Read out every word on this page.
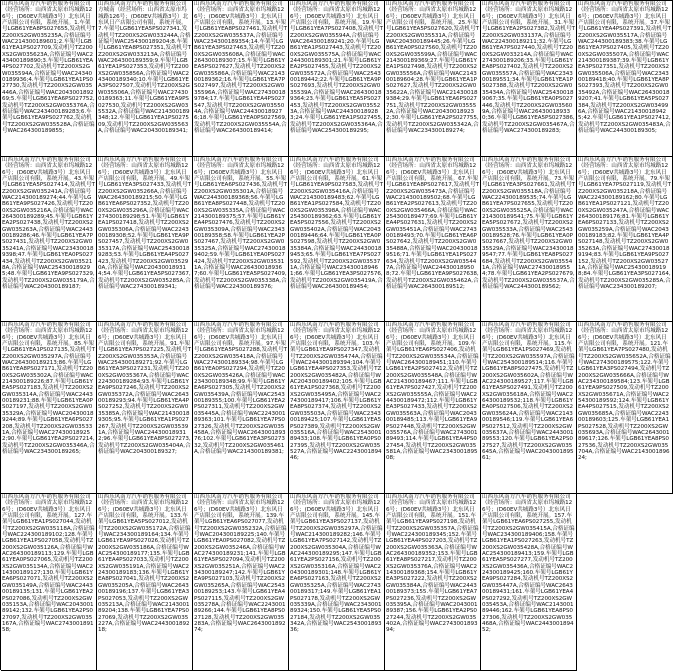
山西乐风南方汽车销售服务有限公司（经营场所：山西省太原市坞城路126号；(D60EV共城路3号）北东风日产店限公司有限，系统开展。1.车架号LGB61YEA8PS027655,发动机号TZ200XS2GW035235A,合格证编号WAC214300189601;2.车架号LGB61YEA1PS027709,发动机号TZ200XS2GW035623A,合格证编号WAC243400189890;3.车架号LGB61YEA4PS027702,发动机号TZ200XS2GW035594A,合格证编号WAC243400189936;4.车架号LGB61YEA1PS027730,发动机号TZ200XS2GW035446A,合格证编号WAC204300189269;5.车架号LGB61YEA6PS027752,发动机号TZ200XS2GW035376A,合格证编号WAC243400189283;6.车架号LGB61YEA9PS027762,发动机号TZ200XS2GW035528A,合格证编号WAC264300189855;

山西乐风南方汽车销售服务有限公司方城南（经营场所：山西省太原市坞城路126号；(D60EV共城路3号）北东风日产店限公司有限，系统开展。7.车架号LGB61YEA5PS027341,发动机号TZ200XS2GW033244A,合格证编号WAC254300189204;8.车架号LGB61YEA8PS027351,发动机号TZ200XS2GW033213A,合格证编号WAC264300189359;9.车架号LGB61YEA1PS027353,发动机号TZ200XS2GW035856A,合格证编号WAC243400189340;10.车架号LGB61YEA3PS027507,发动机号TZ200XS2GW035506A,合格证编号WAC274300189363;11.车架号LGB61YEA9PS027530,发动机号TZ200XS2GW035532A,合格证编号WAC214300189348;12.车架号LGB61YEA1PS027509,发动机号TZ200XS2GW035563A,合格证编号WAC204300189341;

山西乐风南方汽车销售服务有限公司（经营场所：山西省太原市坞城路126号；(D60EV共城路3号）北东风日产店限公司有限，系统开展。13.车架号LGB61YEA8PS027461,发动机号TZ200XS2GW035537A,合格证编号WAC234300189354;14.车架号LGB61YEA3PS027463,发动机号TZ200XS2GW035608A,合格证编号WAC264300189307;15.车架号LGB61YEA5PS027627,发动机号TZ200XS2GW035586A,合格证编号WAC214300189362;16.车架号LGB61YEA7PS027497,发动机号TZ200XS2GW035596A,合格证编号WAC274300189784;17.车架号LGB61YEA4PS027547,发动机号TZ200XS2GW035504A,合格证编号WAC244300189276;18.车架号LGB61YEA0PS027569,发动机号TZ200XS2GW035554A,合格证编号WAC264300189414;

山西乐风南方汽车销售服务有限公司（经营场所：山西省太原市坞城路126号；(D60EV共城路3号）北东风日产店限公司有限，系统开展。19.车架号LGB61YEA7PS027408,发动机号TZ200XS2GW035594A,合格证编号WAC264300189241;20.车架号LGB61YEA1PS027443,发动机号TZ200XS2GW035575A,合格证编号WAC244300189301;21.车架号LGB61YEA2PS027455,发动机号TZ200XS2GW035572A,合格证编号WAC254300189442;22.车架号LGB61YEA9PS027693,发动机号TZ200XS2GW035539A,合格证编号WAC264300189364;23.车架号LGB61YEA5PS027453,发动机号TZ200XS2GW035523A,合格证编号WAC244300189283;24.车架号LGB61YEA1PS027455,发动机号TZ200XS2GW035364A,合格证编号WAC254300189295;

山西乐风南方汽车销售服务有限公司（经营场所：山西省太原市坞城路126号；(D60EV共城路3号）北东风日产店限公司有限，系统开展。25.车架号LGB61YEA5PS027620,发动机号TZ200XS2GW035531A,合格证编号WAC204300189445;26.车架号LGB61YEA0PS027560,发动机号TZ200XS2GW035599A,合格证编号WAC214300189369;27.车架号LGB61YEA1PS027498,发动机号TZ200XS2GW035556A,合格证编号WAC214300189604;28.车架号LGB61YEA1PS027627,发动机号TZ200XS2GW035622A,合格证编号WAC214300189384;29.车架号LGB61YEA6PS027751,发动机号TZ200XS2GW035552A,合格证编号WAC204300189232;30.车架号LGB61YEA2PS027755,发动机号TZ200XS2GW035342A,合格证编号WAC234300189274;

山西乐风南方汽车销售服务有限公司（经营场所：山西省太原市坞城路126号；(D60EV共城路3号）北东风日产店限公司有限，系统开展。31.车架号LGB61YEA2PS027382,发动机号TZ200XS2GW033137A,合格证编号WAC224300189211;32.车架号LGB61YEA7PS027440,发动机号TZ200XS2GW033214A,合格证编号WAC274300189206;33.车架号LGB61YEA8PS027402,发动机号TZ200XS2GW035557A,合格证编号WAC234300189551;34.车架号LGB61YEA1PS027388,发动机号TZ200XS2GW035434A,合格证编号WAC254300189067;35.车架号LGB61YEA0PS027446,发动机号TZ200XS2GW035609A,合格证编号WAC264300189330;36.车架号LGB61YEA5PS027386,发动机号TZ200XS2GW035467A,合格证编号WAC274300189283;

山西乐风南方汽车销售服务有限公司（经营场所：山西省太原市坞城路126号；(D60EV共城路3号）北东风日产店限公司有限，系统开展。37.车架号LGB61YEA4PS027391,发动机号TZ200XS2GW035517A,合格证编号WAC244300189383;38.车架号LGB61YEA7PS027405,发动机号TZ200XS2GW035507A,合格证编号WAC214300189387;39.车架号LGB61YEA3PS027351,发动机号TZ200XS2GW035506A,合格证编号WAC234300189418;40.车架号LGB61YEA8PS027393,发动机号TZ200XS2GW035492A,合格证编号WAC264300189207;41.车架号LGB61YEA5PS027384,发动机号TZ200XS2GW034996A,合格证编号WAC214300189425;42.车架号LGB61YEA1PS027412,发动机号TZ200XS2GW035483A,合格证编号WAC244300189305;

山西乐风南方汽车销售服务有限公司（经营场所：山西省太原市坞城路126号；(D60EV共城路3号）北东风日产店限公司有限，系统开展。43.车架号LGB61YEA5PS027414,发动机号TZ200XS2GW035241A,合格证编号WAC214300189274;44.车架号LGB61YEA9PS027426,发动机号TZ200XS2GW035216A,合格证编号WAC264300189289;45.车架号LGB61YEA2PS027438,发动机号TZ200XS2GW035263A,合格证编号WAC244300189286;46.车架号LGB61YEA7PS027431,发动机号TZ200XS2GW035241A,合格证编号WAC234300189398;47.车架号LGB61YEA0PS027434,发动机号TZ200XS2GW035218A,合格证编号WAC254300189295;48.车架号LGB61YEA9PS027329,发动机号TZ200XS2GW035179A,合格证编号WAC204300189187;

山西乐风南方汽车销售服务有限公司（经营场所：山西省太原市坞城路126号；(D60EV共城路3号）北东风日产店限公司有限，系统开展。49.车架号LGB61YEA3PS027433,发动机号TZ200XS2GW035266A,合格证编号WAC264300189215;50.车架号LGB61YEA6PS027352,发动机号TZ200XS2GW035296A,合格证编号WAC274300189298;51.车架号LGB61YEA1PS027418,发动机号TZ200XS2GW035306A,合格证编号WAC224300189308;52.车架号LGB61YEA9PS027457,发动机号TZ200XS2GW035317A,合格证编号WAC254300189283;53.车架号LGB61YEA4PS027423,发动机号TZ200XS2GW035290A,合格证编号WAC204300189314;54.车架号LGB61YEA5PS027367,发动机号TZ200XS2GW035285A,合格证编号WAC274300189341;

山西乐风南方汽车销售服务有限公司（经营场所：山西省太原市坞城路126号；(D60EV共城路3号）北东风日产店限公司有限，系统开展。55.车架号LGB61YEA6PS027436,发动机号TZ200XS2GW035301A,合格证编号WAC244300189368;56.车架号LGB61YEA8PS027448,发动机号TZ200XS2GW035335A,合格证编号WAC214300189375;57.车架号LGB61YEA4PS027476,发动机号TZ200XS2GW035309A,合格证编号WAC234300189358;58.车架号LGB61YEA2PS027467,发动机号TZ200XS2GW035325A,合格证编号WAC274300189402;59.车架号LGB61YEA0PS027424,发动机号TZ200XS2GW035311A,合格证编号WAC264300189367;60.车架号LGB61YEA5PS027409,发动机号TZ200XS2GW035338A,合格证编号WAC224300189376;

山西乐风南方汽车销售服务有限公司（经营场所：山西省太原市坞城路126号；(D60EV共城路3号）北东风日产店限公司有限，系统开展。61.车架号LGB61YEA9PS027583,发动机号TZ200XS2GW035416A,合格证编号WAC214300189483;62.车架号LGB61YEA1PS027584,发动机号TZ200XS2GW035398A,合格证编号WAC254300189362;63.车架号LGB61YEA5PS027556,发动机号TZ200XS2GW035402A,合格证编号WAC204300189446;64.车架号LGB61YEA0PS027598,发动机号TZ200XS2GW035384A,合格证编号WAC244300189453;65.车架号LGB61YEA7PS027592,发动机号TZ200XS2GW035371A,合格证编号WAC234300189461;66.车架号LGB61YEA3PS027576,发动机号TZ200XS2GW035419A,合格证编号WAC264300189454;

山西乐风南方汽车销售服务有限公司（经营场所：山西省太原市坞城路126号；(D60EV共城路3号）北东风日产店限公司有限，系统开展。67.车架号LGB61YEA8PS027617,发动机号TZ200XS2GW035473A,合格证编号WAC214300189502;68.车架号LGB61YEA2PS027613,发动机号TZ200XS2GW035466A,合格证编号WAC254300189477;69.车架号LGB61YEA4PS027631,发动机号TZ200XS2GW035451A,合格证编号WAC274300189493;70.车架号LGB61YEA6PS027642,发动机号TZ200XS2GW035488A,合格证编号WAC204300189516;71.车架号LGB61YEA1PS027634,发动机号TZ200XS2GW035447A,合格证编号WAC244300189508;72.车架号LGB61YEA9PS027638,发动机号TZ200XS2GW035462A,合格证编号WAC264300189512;

山西乐风南方汽车销售服务有限公司（经营场所：山西省太原市坞城路126号；(D60EV共城路3号）北东风日产店限公司有限，系统开展。73.车架号LGB61YEA3PS027661,发动机号TZ200XS2GW035518A,合格证编号WAC224300189535;74.车架号LGB61YEA7PS027655,发动机号TZ200XS2GW035525A,合格证编号WAC214300189541;75.车架号LGB61YEA5PS027672,发动机号TZ200XS2GW035533A,合格证编号WAC254300189528;76.车架号LGB61YEA0PS027667,发动机号TZ200XS2GW035529A,合格证编号WAC234300189547;77.车架号LGB61YEA8PS027684,发动机号TZ200XS2GW035541A,合格证编号WAC274300189554;78.车架号LGB61YEA2PS027679,发动机号TZ200XS2GW035537A,合格证编号WAC244300189562;

山西乐风南方汽车销售服务有限公司（经营场所：山西省太原市坞城路126号；(D60EV共城路3号）北东风日产店限公司有限，系统开展。79.车架号LGB61YEA7PS027119,发动机号TZ200XS2GW035218A,合格证编号WAC224300189162;80.车架号LGB61YEA1PS027121,发动机号TZ200XS2GW035247A,合格证编号WAC264300189176;81.车架号LGB61YEA6PS027133,发动机号TZ200XS2GW035259A,合格证编号WAC204300189183;82.车架号LGB61YEA4PS027148,发动机号TZ200XS2GW035263A,合格证编号WAC274300189194;83.车架号LGB61YEA9PS027152,发动机号TZ200XS2GW035271A,合格证编号WAC254300189198;84.车架号LGB61YEA3PS027164,发动机号TZ200XS2GW035285A,合格证编号WAC234300189207;

山西乐风南方汽车销售服务有限公司（经营场所：山西省太原市坞城路126号；(D60EV共城路3号）北东风日产店限公司有限，系统开展。85.车架号LGB61YEA1PS027135,发动机号TZ200XS2GW035297A,合格证编号WAC264300189213;86.车架号LGB61YEA8PS027171,发动机号TZ200XS2GW035302A,合格证编号WAC214300189226;87.车架号LGB61YEA5PS027183,发动机号TZ200XS2GW035314A,合格证编号WAC244300189231;88.车架号LGB61YEA0PS027197,发动机号TZ200XS2GW035329A,合格证编号WAC204300189244;89.车架号LGB61YEA6PS027208,发动机号TZ200XS2GW035331A,合格证编号WAC274300189252;90.车架号LGB61YEA2PS027214,发动机号TZ200XS2GW035346A,合格证编号WAC234300189265;

山西乐风南方汽车销售服务有限公司（经营场所：山西省太原市坞城路126号；(D60EV共城路3号）北东风日产店限公司有限，系统开展。91.车架号LGB61YEA7PS027225,发动机号TZ200XS2GW035353A,合格证编号WAC254300189271;92.车架号LGB61YEA3PS027231,发动机号TZ200XS2GW035367A,合格证编号WAC224300189284;93.车架号LGB61YEA9PS027246,发动机号TZ200XS2GW035372A,合格证编号WAC264300189293;94.车架号LGB61YEA4PS027252,发动机号TZ200XS2GW035385A,合格证编号WAC214300189305;95.车架号LGB61YEA1PS027267,发动机号TZ200XS2GW035391A,合格证编号WAC244300189312;96.车架号LGB61YEA8PS027273,发动机号TZ200XS2GW035404A,合格证编号WAC204300189327;

山西乐风南方汽车销售服务有限公司（经营场所：山西省太原市坞城路126号；(D60EV共城路3号）北东风日产店限公司有限，系统开展。97.车架号LGB61YEA5PS027288,发动机号TZ200XS2GW035418A,合格证编号WAC274300189334;98.车架号LGB61YEA0PS027294,发动机号TZ200XS2GW035426A,合格证编号WAC234300189348;99.车架号LGB61YEA6PS027305,发动机号TZ200XS2GW035439A,合格证编号WAC254300189355;100.车架号LGB61YEA2PS027311,发动机号TZ200XS2GW035445A,合格证编号WAC224300189363;101.车架号LGB61YEA7PS027326,发动机号TZ200XS2GW035458A,合格证编号WAC264300189376;102.车架号LGB61YEA3PS027332,发动机号TZ200XS2GW035461A,合格证编号WAC214300189381;

山西乐风南方汽车销售服务有限公司（经营场所：山西省太原市坞城路126号；(D60EV共城路3号）北东风日产店限公司有限，系统开展。103.车架号LGB61YEA9PS027347,发动机号TZ200XS2GW035474A,合格证编号WAC244300189394;104.车架号LGB61YEA4PS027353,发动机号TZ200XS2GW035482A,合格证编号WAC204300189402;105.车架号LGB61YEA1PS027368,发动机号TZ200XS2GW035495A,合格证编号WAC274300189417;106.车架号LGB61YEA8PS027374,发动机号TZ200XS2GW035503A,合格证编号WAC234300189425;107.车架号LGB61YEA5PS027389,发动机号TZ200XS2GW035516A,合格证编号WAC254300189433;108.车架号LGB61YEA0PS027395,发动机号TZ200XS2GW035527A,合格证编号WAC224300189446;

山西乐风南方汽车销售服务有限公司（经营场所：山西省太原市坞城路126号；(D60EV共城路3号）北东风日产店限公司有限，系统开展。109.车架号LGB61YEA6PS027406,发动机号TZ200XS2GW035534A,合格证编号WAC264300189451;110.车架号LGB61YEA2PS027412,发动机号TZ200XS2GW035548A,合格证编号WAC214300189467;111.车架号LGB61YEA7PS027427,发动机号TZ200XS2GW035555A,合格证编号WAC244300189472;112.车架号LGB61YEA3PS027433,发动机号TZ200XS2GW035563A,合格证编号WAC204300189485;113.车架号LGB61YEA9PS027448,发动机号TZ200XS2GW035576A,合格证编号WAC274300189493;114.车架号LGB61YEA4PS027454,发动机号TZ200XS2GW035581A,合格证编号WAC234300189508;

山西乐风南方汽车销售服务有限公司（经营场所：山西省太原市坞城路126号；(D60EV共城路3号）北东风日产店限公司有限，系统开展。115.车架号LGB61YEA1PS027469,发动机号TZ200XS2GW035597A,合格证编号WAC254300189514;116.车架号LGB61YEA8PS027475,发动机号TZ200XS2GW035602A,合格证编号WAC224300189527;117.车架号LGB61YEA5PS027491,发动机号TZ200XS2GW035618A,合格证编号WAC264300189532;118.车架号LGB61YEA0PS027506,发动机号TZ200XS2GW035624A,合格证编号WAC214300189546;119.车架号LGB61YEA6PS027512,发动机号TZ200XS2GW035637A,合格证编号WAC244300189553;120.车架号LGB61YEA2PS027527,发动机号TZ200XS2GW035645A,合格证编号WAC204300189561;

山西乐风南方汽车销售服务有限公司（经营场所：山西省太原市坞城路126号；(D60EV共城路3号）北东风日产店限公司有限，系统开展。121.车架号LGB61YEA7PS027480,发动机号TZ200XS2GW035652A,合格证编号WAC274300189575;122.车架号LGB61YEA3PS027494,发动机号TZ200XS2GW035666A,合格证编号WAC234300189584;123.车架号LGB61YEA9PS027509,发动机号TZ200XS2GW035671A,合格证编号WAC254300189592;124.车架号LGB61YEA4PS027515,发动机号TZ200XS2GW035685A,合格证编号WAC224300189603;125.车架号LGB61YEA1PS027528,发动机号TZ200XS2GW035693A,合格证编号WAC264300189617;126.车架号LGB61YEA8PS027536,发动机号TZ200XS2GW035704A,合格证编号WAC214300189624;

山西乐风南方汽车销售服务有限公司（经营场所：山西省太原市坞城路126号；(D60EV共城路3号）北东风日产店限公司有限，系统开展。127.车架号LGB61YEA1PS027044,发动机号TZ200XS2GW035118A,合格证编号WAC224300189102;128.车架号LGB61YEA1PS027058,发动机号TZ200XS2GW035126A,合格证编号WAC264300189113;129.车架号LGB61YEA0PS027065,发动机号TZ200XS2GW035134A,合格证编号WAC214300189127;130.车架号LGB61YEA6PS027071,发动机号TZ200XS2GW035149A,合格证编号WAC244300189135;131.车架号LGB61YEA2PS027086,发动机号TZ200XS2GW035153A,合格证编号WAC204300189142;132.车架号LGB61YEA2PS027097,发动机号TZ200XS2GW035167A,合格证编号WAC274300189158;

山西乐风南方汽车销售服务有限公司（经营场所：山西省太原市坞城路126号；(D60EV共城路3号）北东风日产店限公司有限，系统开展。133.车架号LGB61YEA5PS027012,发动机号TZ200XS2GW035172A,合格证编号WAC234300189164;134.车架号LGB61YEA9PS027026,发动机号TZ200XS2GW035186A,合格证编号WAC254300189177;135.车架号LGB61YEA4PS027033,发动机号TZ200XS2GW035191A,合格证编号WAC224300189183;136.车架号LGB61YEA8PS027041,发动机号TZ200XS2GW035205A,合格证编号WAC264300189196;137.车架号LGB61YEA3PS027053,发动机号TZ200XS2GW035213A,合格证编号WAC214300189204;138.车架号LGB61YEA7PS027069,发动机号TZ200XS2GW035227A,合格证编号WAC244300189218;

山西乐风南方汽车销售服务有限公司（经营场所：山西省太原市坞城路126号；(D60EV共城路3号）北东风日产店限公司有限，系统开展。139.车架号LGB61YEA6PS027077,发动机号TZ200XS2GW035232A,合格证编号WAC204300189225;140.车架号LGB61YEA0PS027082,发动机号TZ200XS2GW035246A,合格证编号WAC274300189231;141.车架号LGB61YEA5PS027094,发动机号TZ200XS2GW035251A,合格证编号WAC234300189247;142.车架号LGB61YEA9PS027103,发动机号TZ200XS2GW035265A,合格证编号WAC254300189253;143.车架号LGB61YEA4PS027115,发动机号TZ200XS2GW035278A,合格证编号WAC224300189266;144.车架号LGB61YEA8PS027128,发动机号TZ200XS2GW035283A,合格证编号WAC264300189274;

山西乐风南方汽车销售服务有限公司（经营场所：山西省太原市坞城路126号；(D60EV共城路3号）北东风日产店限公司有限，系统开展。145.车架号LGB61YEA3PS027137,发动机号TZ200XS2GW035297A,合格证编号WAC214300189282;146.车架号LGB61YEA7PS027142,发动机号TZ200XS2GW035304A,合格证编号WAC244300189295;147.车架号LGB61YEA2PS027156,发动机号TZ200XS2GW035316A,合格证编号WAC204300189301;148.车架号LGB61YEA6PS027163,发动机号TZ200XS2GW035325A,合格证编号WAC274300189317;149.车架号LGB61YEA1PS027178,发动机号TZ200XS2GW035339A,合格证编号WAC234300189324;150.车架号LGB61YEA5PS027184,发动机号TZ200XS2GW035342A,合格证编号WAC254300189336;

山西乐风南方汽车销售服务有限公司（经营场所：山西省太原市坞城路126号；(D60EV共城路3号）北东风日产店限公司有限，系统开展。151.车架号LGB61YEA9PS027198,发动机号TZ200XS2GW035357A,合格证编号WAC224300189345;152.车架号LGB61YEA4PS027203,发动机号TZ200XS2GW035363A,合格证编号WAC264300189352;153.车架号LGB61YEA8PS027217,发动机号TZ200XS2GW035376A,合格证编号WAC214300189368;154.车架号LGB61YEA3PS027222,发动机号TZ200XS2GW035384A,合格证编号WAC244300189373;155.车架号LGB61YEA7PS027236,发动机号TZ200XS2GW035395A,合格证编号WAC204300189387;156.车架号LGB61YEA2PS027244,发动机号TZ200XS2GW035402A,合格证编号WAC274300189394;

山西乐风南方汽车销售服务有限公司（经营场所：山西省太原市坞城路126号；(D60EV共城路3号）北东风日产店限公司有限，系统开展。157.车架号LGB61YEA6PS027255,发动机号TZ200XS2GW035415A,合格证编号WAC234300189406;158.车架号LGB61YEA1PS027263,发动机号TZ200XS2GW035428A,合格证编号WAC254300189413;159.车架号LGB61YEA5PS027277,发动机号TZ200XS2GW035436A,合格证编号WAC224300189425;160.车架号LGB61YEA9PS027284,发动机号TZ200XS2GW035447A,合格证编号WAC264300189431;161.车架号LGB61YEA4PS027292,发动机号TZ200XS2GW035453A,合格证编号WAC214300189446;162.车架号LGB61YEA8PS027306,发动机号TZ200XS2GW035468A,合格证编号WAC244300189452;
